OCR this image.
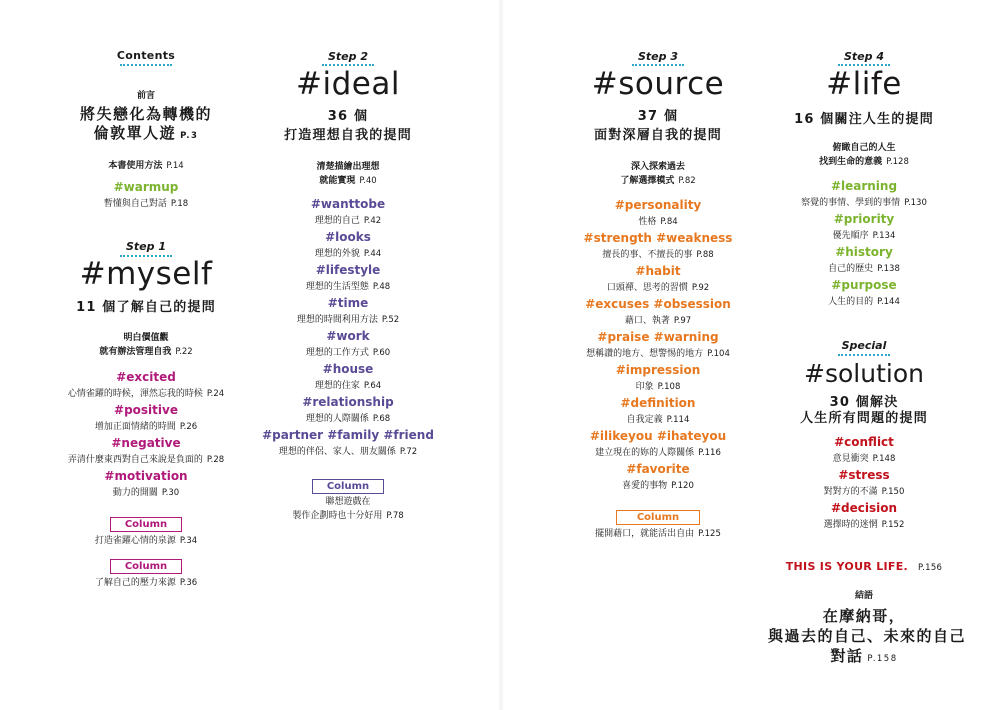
Contents
前言
將失戀化為轉機的
倫敦單人遊 P.3
本書使用方法 P.14
#warmup
暫懂與自己對話 P.18
Step 1
#myself
11 個了解自己的提問
明白價值觀
就有辦法管理自我 P.22
#excited
心情雀躍的時候，渾然忘我的時候 P.24
#positive
增加正面情緒的時間 P.26
#negative
弄清什麼東西對自己來說是負面的 P.28
#motivation
動力的開關 P.30
Column
打造雀躍心情的泉源 P.34
Column
了解自己的壓力來源 P.36
Step 2
#ideal
36 個
打造理想自我的提問
清楚描繪出理想
就能實現 P.40
#wanttobe
理想的自己 P.42
#looks
理想的外貌 P.44
#lifestyle
理想的生活型態 P.48
#time
理想的時間利用方法 P.52
#work
理想的工作方式 P.60
#house
理想的住家 P.64
#relationship
理想的人際關係 P.68
#partner #family #friend
理想的伴侶、家人、朋友關係 P.72
Column
聯想遊戲在
製作企劃時也十分好用 P.78
Step 3
#source
37 個
面對深層自我的提問
深入探索過去
了解選擇模式 P.82
#personality
性格 P.84
#strength #weakness
擅長的事、不擅長的事 P.88
#habit
口頭禪、思考的習慣 P.92
#excuses #obsession
藉口、執著 P.97
#praise #warning
想稱讚的地方、想警惕的地方 P.104
#impression
印象 P.108
#definition
自我定義 P.114
#ilikeyou #ihateyou
建立現在的妳的人際關係 P.116
#favorite
喜愛的事物 P.120
Column
擺開藉口，就能活出自由 P.125
Step 4
#life
16 個關注人生的提問
俯瞰自己的人生
找到生命的意義 P.128
#learning
察覺的事情、學到的事情 P.130
#priority
優先順序 P.134
#history
自己的歷史 P.138
#purpose
人生的目的 P.144
Special
#solution
30 個解決
人生所有問題的提問
#conflict
意見衝突 P.148
#stress
對對方的不滿 P.150
#decision
選擇時的迷惘 P.152
THIS IS YOUR LIFE. P.156
結語
在摩納哥，
與過去的自己、未來的自己
對話 P.158
